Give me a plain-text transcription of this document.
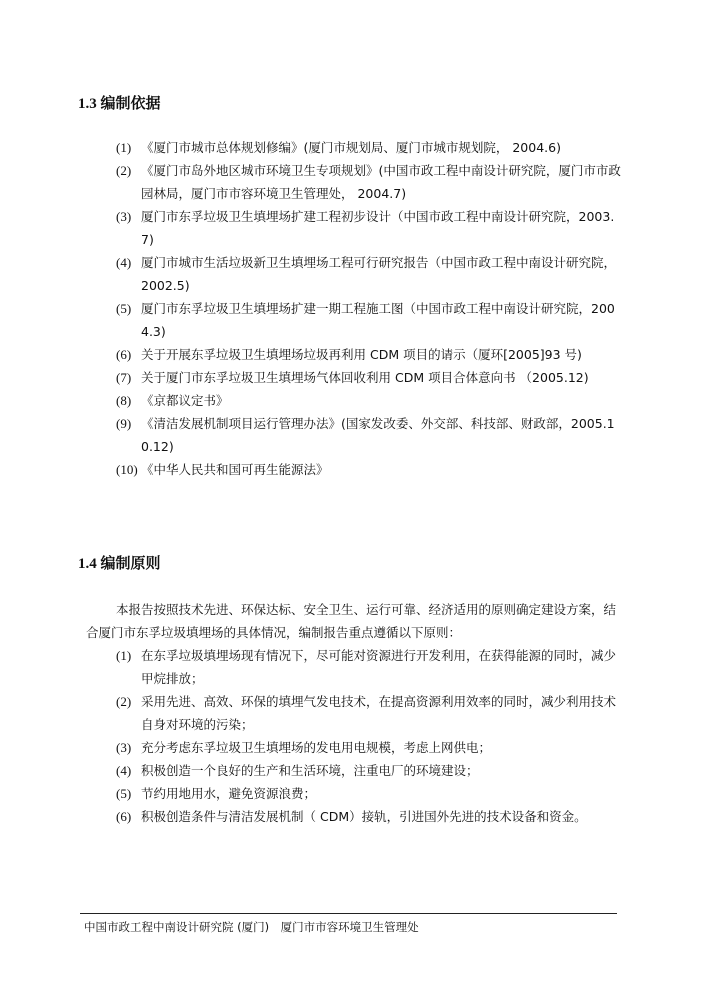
1.3 编制依据
(1) 《厦门市城市总体规划修编》(厦门市规划局、厦门市城市规划院， 2004.6)
(2) 《厦门市岛外地区城市环境卫生专项规划》(中国市政工程中南设计研究院，厦门市市政园林局，厦门市市容环境卫生管理处， 2004.7)
(3) 厦门市东孚垃圾卫生填埋场扩建工程初步设计（中国市政工程中南设计研究院，2003.7)
(4) 厦门市城市生活垃圾新卫生填埋场工程可行研究报告（中国市政工程中南设计研究院，2002.5)
(5) 厦门市东孚垃圾卫生填埋场扩建一期工程施工图（中国市政工程中南设计研究院，2004.3)
(6) 关于开展东孚垃圾卫生填埋场垃圾再利用 CDM 项目的请示（厦环[2005]93 号)
(7) 关于厦门市东孚垃圾卫生填埋场气体回收利用 CDM 项目合体意向书 （2005.12)
(8) 《京都议定书》
(9) 《清洁发展机制项目运行管理办法》(国家发改委、外交部、科技部、财政部，2005.10.12)
(10) 《中华人民共和国可再生能源法》
1.4 编制原则

本报告按照技术先进、环保达标、安全卫生、运行可靠、经济适用的原则确定建设方案，结合厦门市东孚垃圾填埋场的具体情况，编制报告重点遵循以下原则：

(1) 在东孚垃圾填埋场现有情况下，尽可能对资源进行开发利用，在获得能源的同时，减少甲烷排放；
(2) 采用先进、高效、环保的填埋气发电技术，在提高资源利用效率的同时，减少利用技术自身对环境的污染；
(3) 充分考虑东孚垃圾卫生填埋场的发电用电规模，考虑上网供电；
(4) 积极创造一个良好的生产和生活环境，注重电厂的环境建设；
(5) 节约用地用水，避免资源浪费；
(6) 积极创造条件与清洁发展机制（ CDM）接轨，引进国外先进的技术设备和资金。

中国市政工程中南设计研究院 (厦门)　厦门市市容环境卫生管理处
